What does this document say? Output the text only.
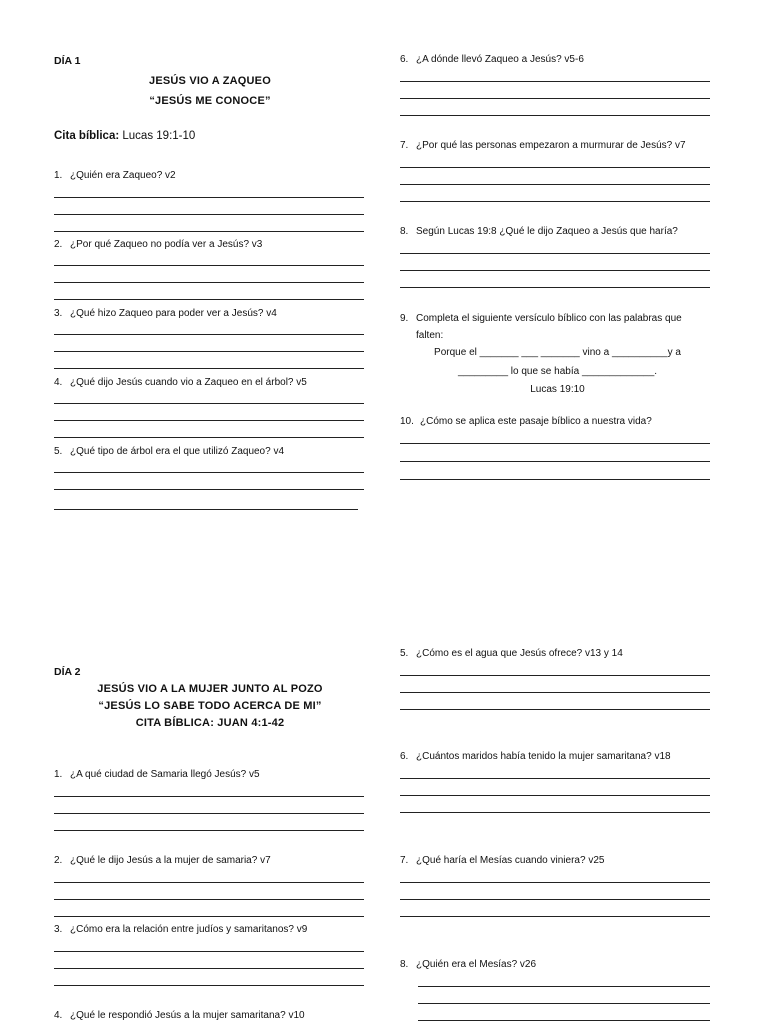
DÍA 1
JESÚS VIO A ZAQUEO
“JESÚS ME CONOCE”
Cita bíblica: Lucas 19:1-10
1. ¿Quién era Zaqueo? v2
2. ¿Por qué Zaqueo no podía ver a Jesús? v3
3. ¿Qué hizo Zaqueo para poder ver a Jesús? v4
4. ¿Qué dijo Jesús cuando vio a Zaqueo en el árbol? v5
5. ¿Qué tipo de árbol era el que utilizó Zaqueo? v4
6. ¿A dónde llevó Zaqueo a Jesús? v5-6
7. ¿Por qué las personas empezaron a murmurar de Jesús? v7
8. Según Lucas 19:8 ¿Qué le dijo Zaqueo a Jesús que haría?
9. Completa el siguiente versículo bíblico con las palabras que
falten:
Porque el _______ ___ _______ vino a __________y a
_________ lo que se había _____________.
Lucas 19:10
10. ¿Cómo se aplica este pasaje bíblico a nuestra vida?
DÍA 2
JESÚS VIO A LA MUJER JUNTO AL POZO
“JESÚS LO SABE TODO ACERCA DE MI”
CITA BÍBLICA: JUAN 4:1-42
1. ¿A qué ciudad de Samaria llegó Jesús? v5
2. ¿Qué le dijo Jesús a la mujer de samaria? v7
3. ¿Cómo era la relación entre judíos y samaritanos? v9
4. ¿Qué le respondió Jesús a la mujer samaritana? v10
5. ¿Cómo es el agua que Jesús ofrece? v13 y 14
6. ¿Cuántos maridos había tenido la mujer samaritana? v18
7. ¿Qué haría el Mesías cuando viniera? v25
8. ¿Quién era el Mesías? v26
